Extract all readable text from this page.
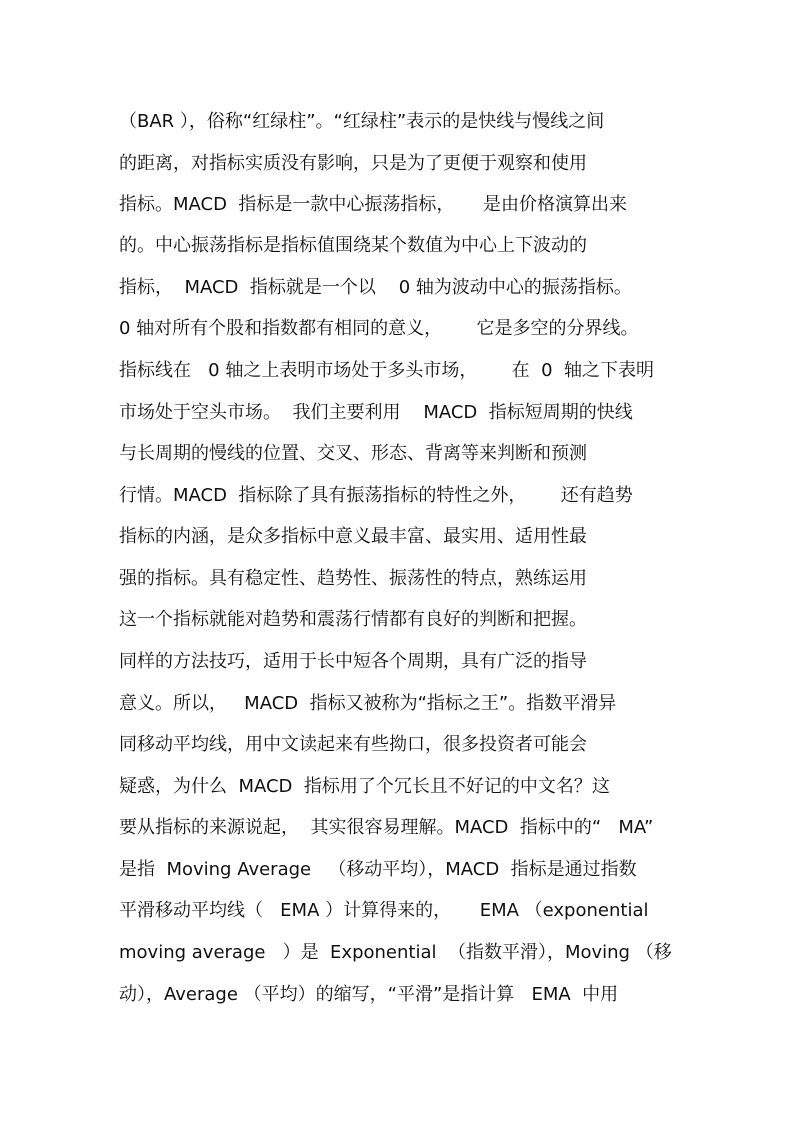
（BAR ），俗称“红绿柱”。“红绿柱”表示的是快线与慢线之间
的距离，对指标实质没有影响，只是为了更便于观察和使用
指标。MACD  指标是一款中心振荡指标，     是由价格演算出来
的。中心振荡指标是指标值围绕某个数值为中心上下波动的
指标，  MACD  指标就是一个以    0 轴为波动中心的振荡指标。
0 轴对所有个股和指数都有相同的意义，      它是多空的分界线。
指标线在   0 轴之上表明市场处于多头市场，      在  0  轴之下表明
市场处于空头市场。  我们主要利用    MACD  指标短周期的快线
与长周期的慢线的位置、交叉、形态、背离等来判断和预测
行情。MACD  指标除了具有振荡指标的特性之外，      还有趋势
指标的内涵，是众多指标中意义最丰富、最实用、适用性最
强的指标。具有稳定性、趋势性、振荡性的特点，熟练运用
这一个指标就能对趋势和震荡行情都有良好的判断和把握。
同样的方法技巧，适用于长中短各个周期，具有广泛的指导
意义。所以，   MACD  指标又被称为“指标之王”。指数平滑异
同移动平均线，用中文读起来有些拗口，很多投资者可能会
疑惑，为什么  MACD  指标用了个冗长且不好记的中文名？这
要从指标的来源说起，  其实很容易理解。MACD  指标中的“   MA”
是指  Moving Average   （移动平均），MACD  指标是通过指数
平滑移动平均线（   EMA ）计算得来的，     EMA （exponential
moving average   ）是  Exponential  （指数平滑），Moving （移
动），Average （平均）的缩写，“平滑”是指计算   EMA  中用
